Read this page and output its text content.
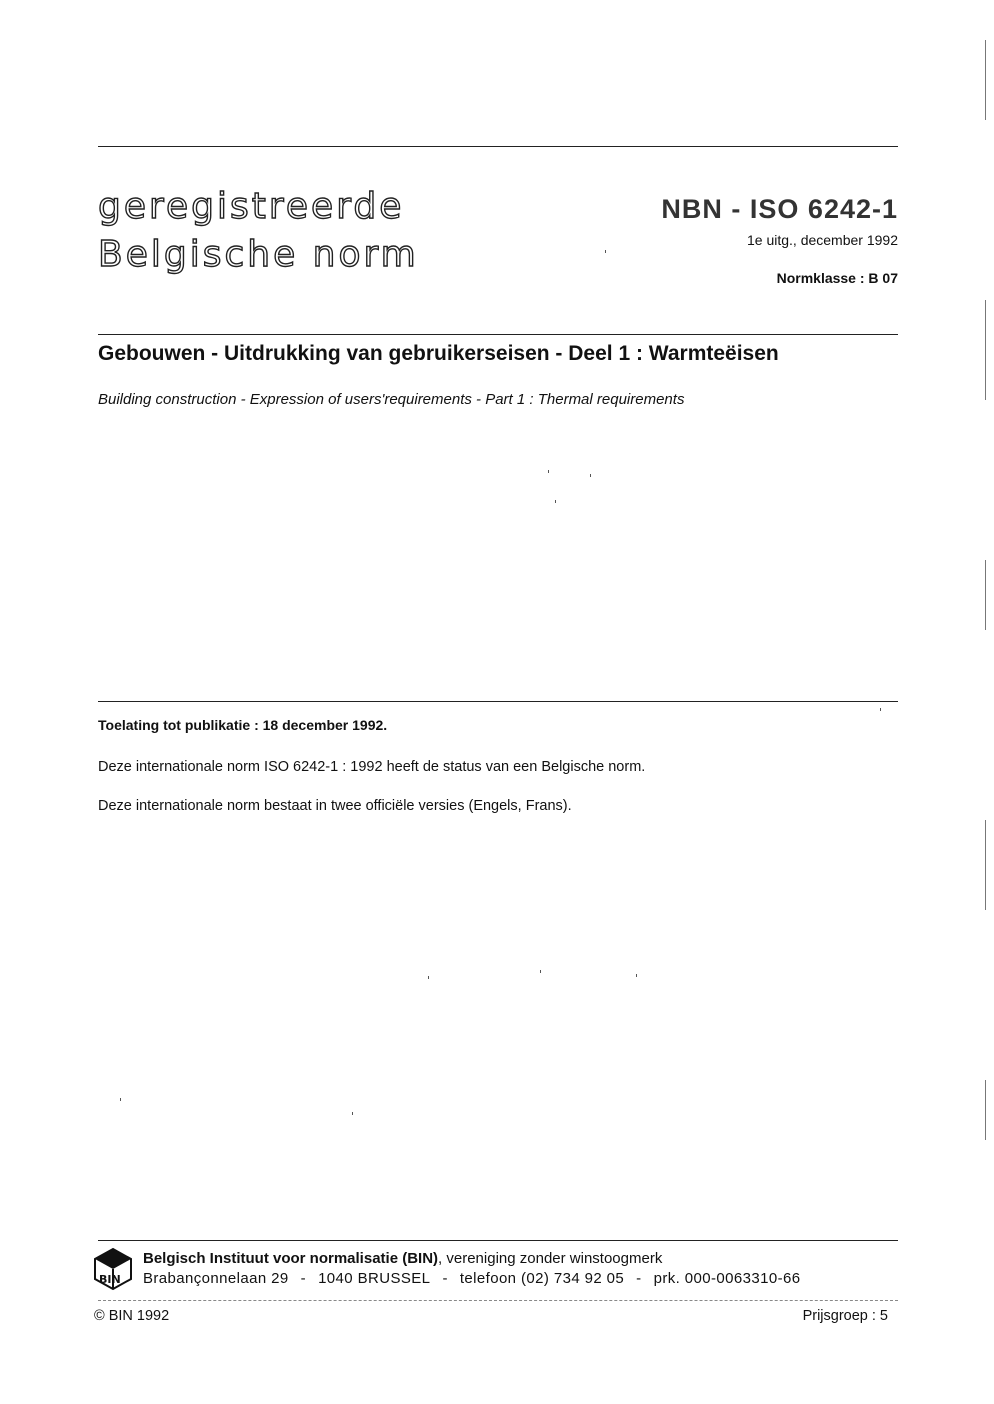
geregistreerde
Belgische norm
NBN - ISO 6242-1
1e uitg., december 1992
Normklasse : B 07
Gebouwen - Uitdrukking van gebruikerseisen - Deel 1 : Warmteëisen
Building construction - Expression of users'requirements - Part 1 : Thermal requirements
Toelating tot publikatie : 18 december 1992.
Deze internationale norm ISO 6242-1 : 1992 heeft de status van een Belgische norm.
Deze internationale norm bestaat in twee officiële versies (Engels, Frans).
BIN
Belgisch Instituut voor normalisatie (BIN), vereniging zonder winstoogmerk
Brabançonnelaan 29 - 1040 BRUSSEL - telefoon (02) 734 92 05 - prk. 000-0063310-66
© BIN 1992	Prijsgroep : 5
